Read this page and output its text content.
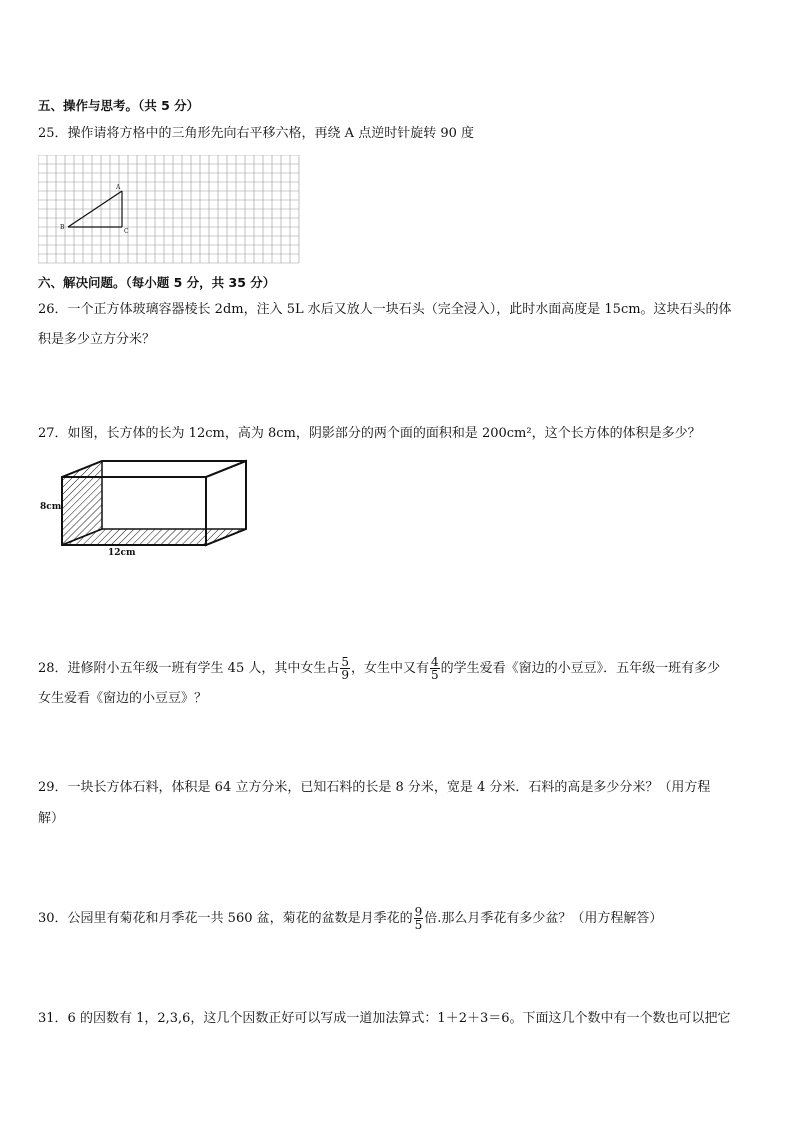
五、操作与思考。（共 5 分）
25．操作请将方格中的三角形先向右平移六格，再绕 A 点逆时针旋转 90 度
A
B
C
六、解决问题。（每小题 5 分，共 35 分）
26．一个正方体玻璃容器棱长 2dm，注入 5L 水后又放人一块石头（完全浸入），此时水面高度是 15cm。这块石头的体
积是多少立方分米？
27．如图，长方体的长为 12cm，高为 8cm，阴影部分的两个面的面积和是 200cm²，这个长方体的体积是多少？
8cm
12cm
28．进修附小五年级一班有学生 45 人，其中女生占 $\frac{5}{9}$ ，女生中又有 $\frac{4}{5}$ 的学生爱看《窗边的小豆豆》．五年级一班有多少
女生爱看《窗边的小豆豆》？
29．一块长方体石料，体积是 64 立方分米，已知石料的长是 8 分米，宽是 4 分米．石料的高是多少分米？（用方程
解）
30．公园里有菊花和月季花一共 560 盆，菊花的盆数是月季花的 $\frac{9}{5}$ 倍.那么月季花有多少盆？（用方程解答）
31．6 的因数有 1，2,3,6，这几个因数正好可以写成一道加法算式：1＋2＋3＝6。下面这几个数中有一个数也可以把它
